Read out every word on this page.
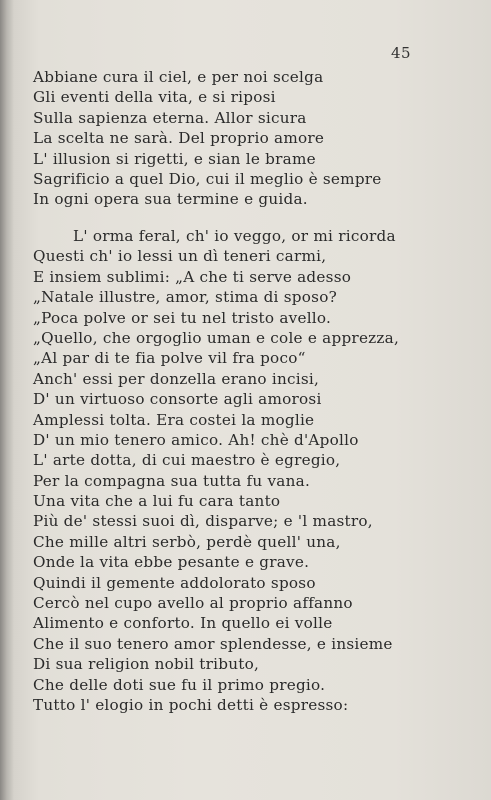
45
Abbiane cura il ciel, e per noi scelga
Gli eventi della vita, e si riposi
Sulla sapienza eterna. Allor sicura
La scelta ne sarà. Del proprio amore
L' illusion si rigetti, e sian le brame
Sagrificio a quel Dio, cui il meglio è sempre
In ogni opera sua termine e guida.
L' orma feral, ch' io veggo, or mi ricorda
Questi ch' io lessi un dì teneri carmi,
E insiem sublimi: „A che ti serve adesso
„Natale illustre, amor, stima di sposo?
„Poca polve or sei tu nel tristo avello.
„Quello, che orgoglio uman e cole e apprezza,
„Al par di te fia polve vil fra poco“
Anch' essi per donzella erano incisi,
D' un virtuoso consorte agli amorosi
Amplessi tolta. Era costei la moglie
D' un mio tenero amico. Ah! chè d'Apollo
L' arte dotta, di cui maestro è egregio,
Per la compagna sua tutta fu vana.
Una vita che a lui fu cara tanto
Più de' stessi suoi dì, disparve; e 'l mastro,
Che mille altri serbò, perdè quell' una,
Onde la vita ebbe pesante e grave.
Quindi il gemente addolorato sposo
Cercò nel cupo avello al proprio affanno
Alimento e conforto. In quello ei volle
Che il suo tenero amor splendesse, e insieme
Di sua religion nobil tributo,
Che delle doti sue fu il primo pregio.
Tutto l' elogio in pochi detti è espresso:
